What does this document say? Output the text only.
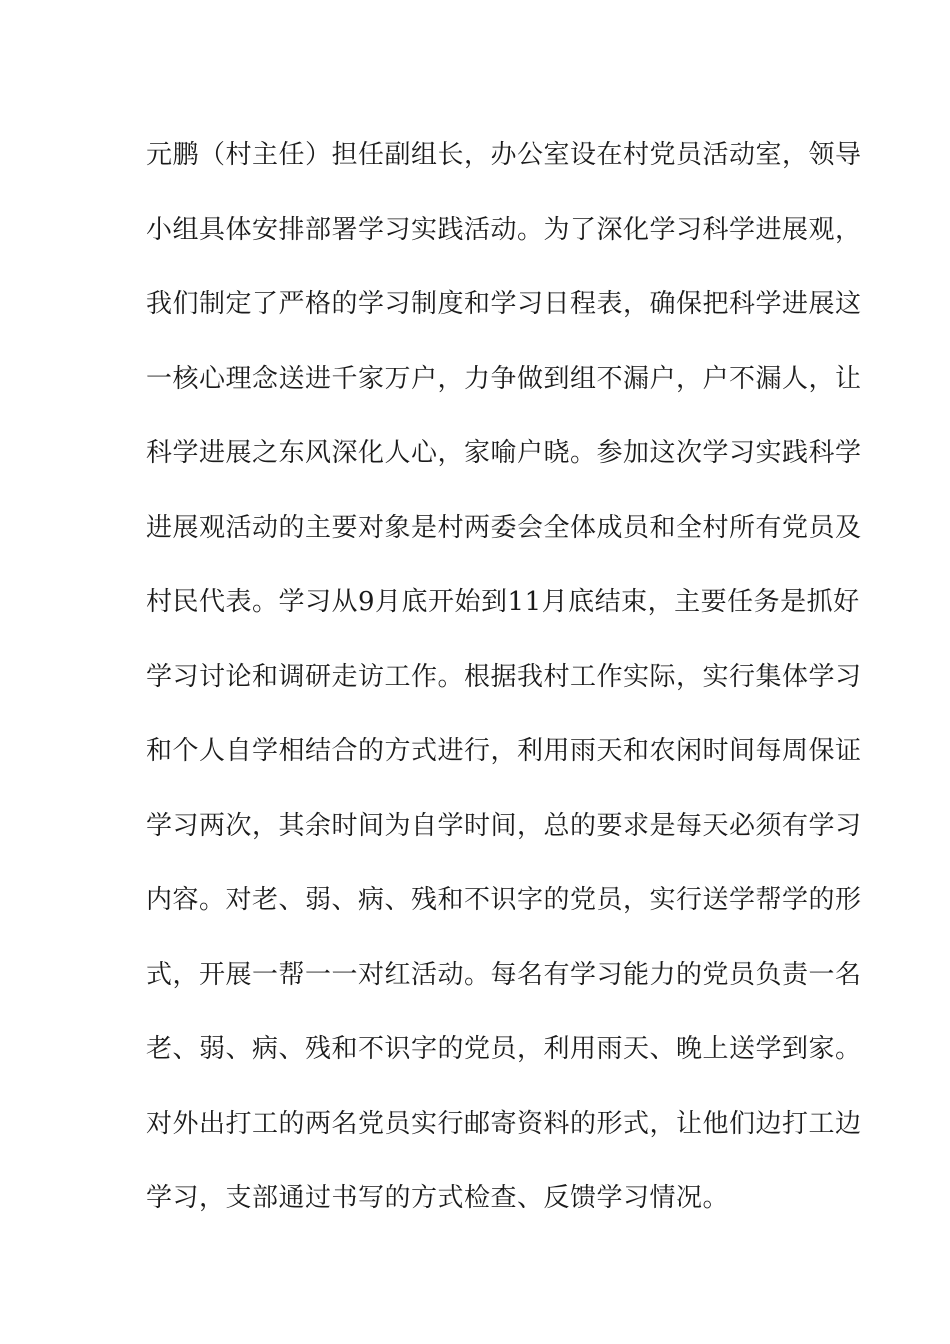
元鹏（村主任）担任副组长，办公室设在村党员活动室，领导
小组具体安排部署学习实践活动。为了深化学习科学进展观，
我们制定了严格的学习制度和学习日程表，确保把科学进展这
一核心理念送进千家万户，力争做到组不漏户，户不漏人，让
科学进展之东风深化人心，家喻户晓。参加这次学习实践科学
进展观活动的主要对象是村两委会全体成员和全村所有党员及
村民代表。学习从9月底开始到11月底结束，主要任务是抓好
学习讨论和调研走访工作。根据我村工作实际，实行集体学习
和个人自学相结合的方式进行，利用雨天和农闲时间每周保证
学习两次，其余时间为自学时间，总的要求是每天必须有学习
内容。对老、弱、病、残和不识字的党员，实行送学帮学的形
式，开展一帮一一对红活动。每名有学习能力的党员负责一名
老、弱、病、残和不识字的党员，利用雨天、晚上送学到家。
对外出打工的两名党员实行邮寄资料的形式，让他们边打工边
学习，支部通过书写的方式检查、反馈学习情况。
